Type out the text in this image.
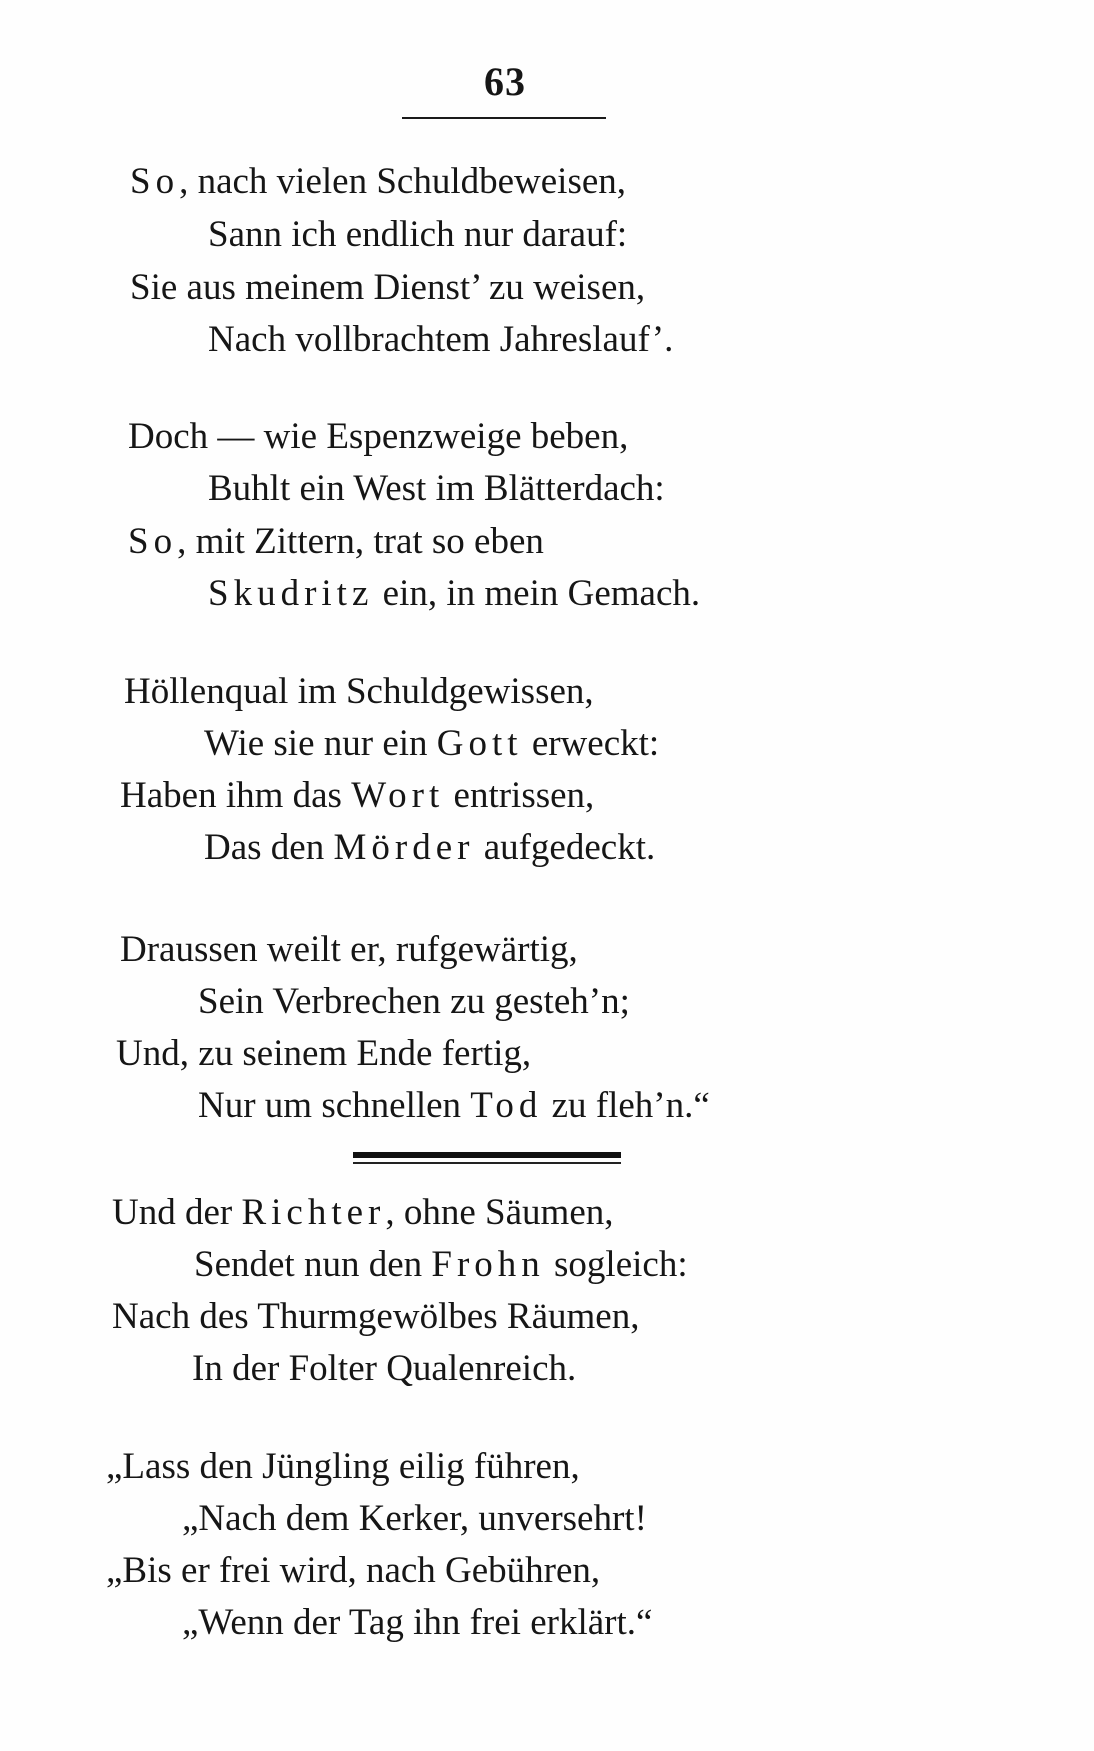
63
So, nach vielen Schuldbeweisen,
Sann ich endlich nur darauf:
Sie aus meinem Dienst’ zu weisen,
Nach vollbrachtem Jahreslauf’.
Doch — wie Espenzweige beben,
Buhlt ein West im Blätterdach:
So, mit Zittern, trat so eben
Skudritz ein, in mein Gemach.
Höllenqual im Schuldgewissen,
Wie sie nur ein Gott erweckt:
Haben ihm das Wort entrissen,
Das den Mörder aufgedeckt.
Draussen weilt er, rufgewärtig,
Sein Verbrechen zu gesteh’n;
Und, zu seinem Ende fertig,
Nur um schnellen Tod zu fleh’n.“
Und der Richter, ohne Säumen,
Sendet nun den Frohn sogleich:
Nach des Thurmgewölbes Räumen,
In der Folter Qualenreich.
„Lass den Jüngling eilig führen,
„Nach dem Kerker, unversehrt!
„Bis er frei wird, nach Gebühren,
„Wenn der Tag ihn frei erklärt.“
